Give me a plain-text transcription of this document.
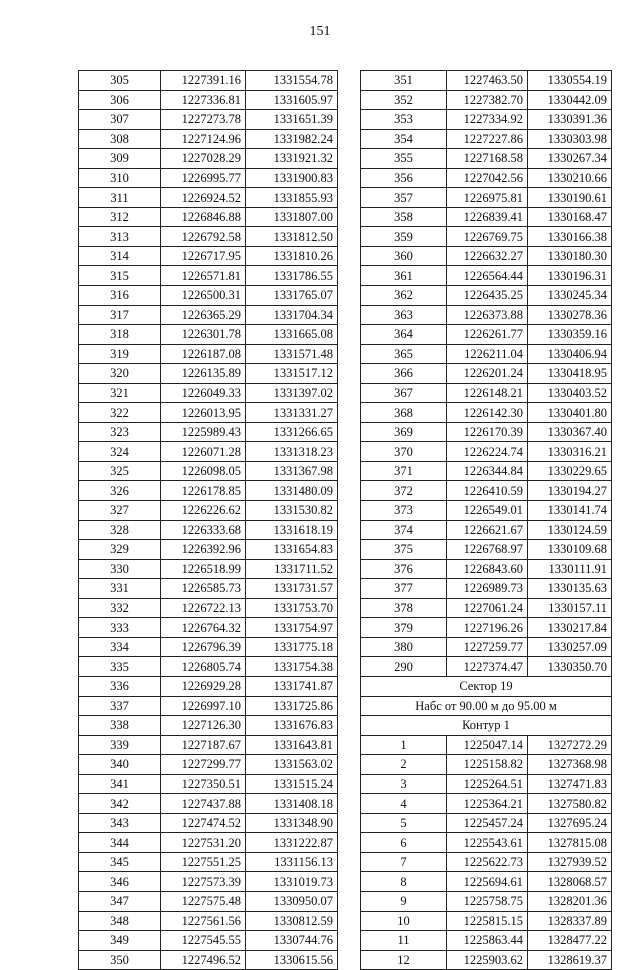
151
305	1227391.16	1331554.78
306	1227336.81	1331605.97
307	1227273.78	1331651.39
308	1227124.96	1331982.24
309	1227028.29	1331921.32
310	1226995.77	1331900.83
311	1226924.52	1331855.93
312	1226846.88	1331807.00
313	1226792.58	1331812.50
314	1226717.95	1331810.26
315	1226571.81	1331786.55
316	1226500.31	1331765.07
317	1226365.29	1331704.34
318	1226301.78	1331665.08
319	1226187.08	1331571.48
320	1226135.89	1331517.12
321	1226049.33	1331397.02
322	1226013.95	1331331.27
323	1225989.43	1331266.65
324	1226071.28	1331318.23
325	1226098.05	1331367.98
326	1226178.85	1331480.09
327	1226226.62	1331530.82
328	1226333.68	1331618.19
329	1226392.96	1331654.83
330	1226518.99	1331711.52
331	1226585.73	1331731.57
332	1226722.13	1331753.70
333	1226764.32	1331754.97
334	1226796.39	1331775.18
335	1226805.74	1331754.38
336	1226929.28	1331741.87
337	1226997.10	1331725.86
338	1227126.30	1331676.83
339	1227187.67	1331643.81
340	1227299.77	1331563.02
341	1227350.51	1331515.24
342	1227437.88	1331408.18
343	1227474.52	1331348.90
344	1227531.20	1331222.87
345	1227551.25	1331156.13
346	1227573.39	1331019.73
347	1227575.48	1330950.07
348	1227561.56	1330812.59
349	1227545.55	1330744.76
350	1227496.52	1330615.56
351	1227463.50	1330554.19
352	1227382.70	1330442.09
353	1227334.92	1330391.36
354	1227227.86	1330303.98
355	1227168.58	1330267.34
356	1227042.56	1330210.66
357	1226975.81	1330190.61
358	1226839.41	1330168.47
359	1226769.75	1330166.38
360	1226632.27	1330180.30
361	1226564.44	1330196.31
362	1226435.25	1330245.34
363	1226373.88	1330278.36
364	1226261.77	1330359.16
365	1226211.04	1330406.94
366	1226201.24	1330418.95
367	1226148.21	1330403.52
368	1226142.30	1330401.80
369	1226170.39	1330367.40
370	1226224.74	1330316.21
371	1226344.84	1330229.65
372	1226410.59	1330194.27
373	1226549.01	1330141.74
374	1226621.67	1330124.59
375	1226768.97	1330109.68
376	1226843.60	1330111.91
377	1226989.73	1330135.63
378	1227061.24	1330157.11
379	1227196.26	1330217.84
380	1227259.77	1330257.09
290	1227374.47	1330350.70
Сектор 19		
Набс от 90.00 м до 95.00 м		
Контур 1		
1	1225047.14	1327272.29
2	1225158.82	1327368.98
3	1225264.51	1327471.83
4	1225364.21	1327580.82
5	1225457.24	1327695.24
6	1225543.61	1327815.08
7	1225622.73	1327939.52
8	1225694.61	1328068.57
9	1225758.75	1328201.36
10	1225815.15	1328337.89
11	1225863.44	1328477.22
12	1225903.62	1328619.37
